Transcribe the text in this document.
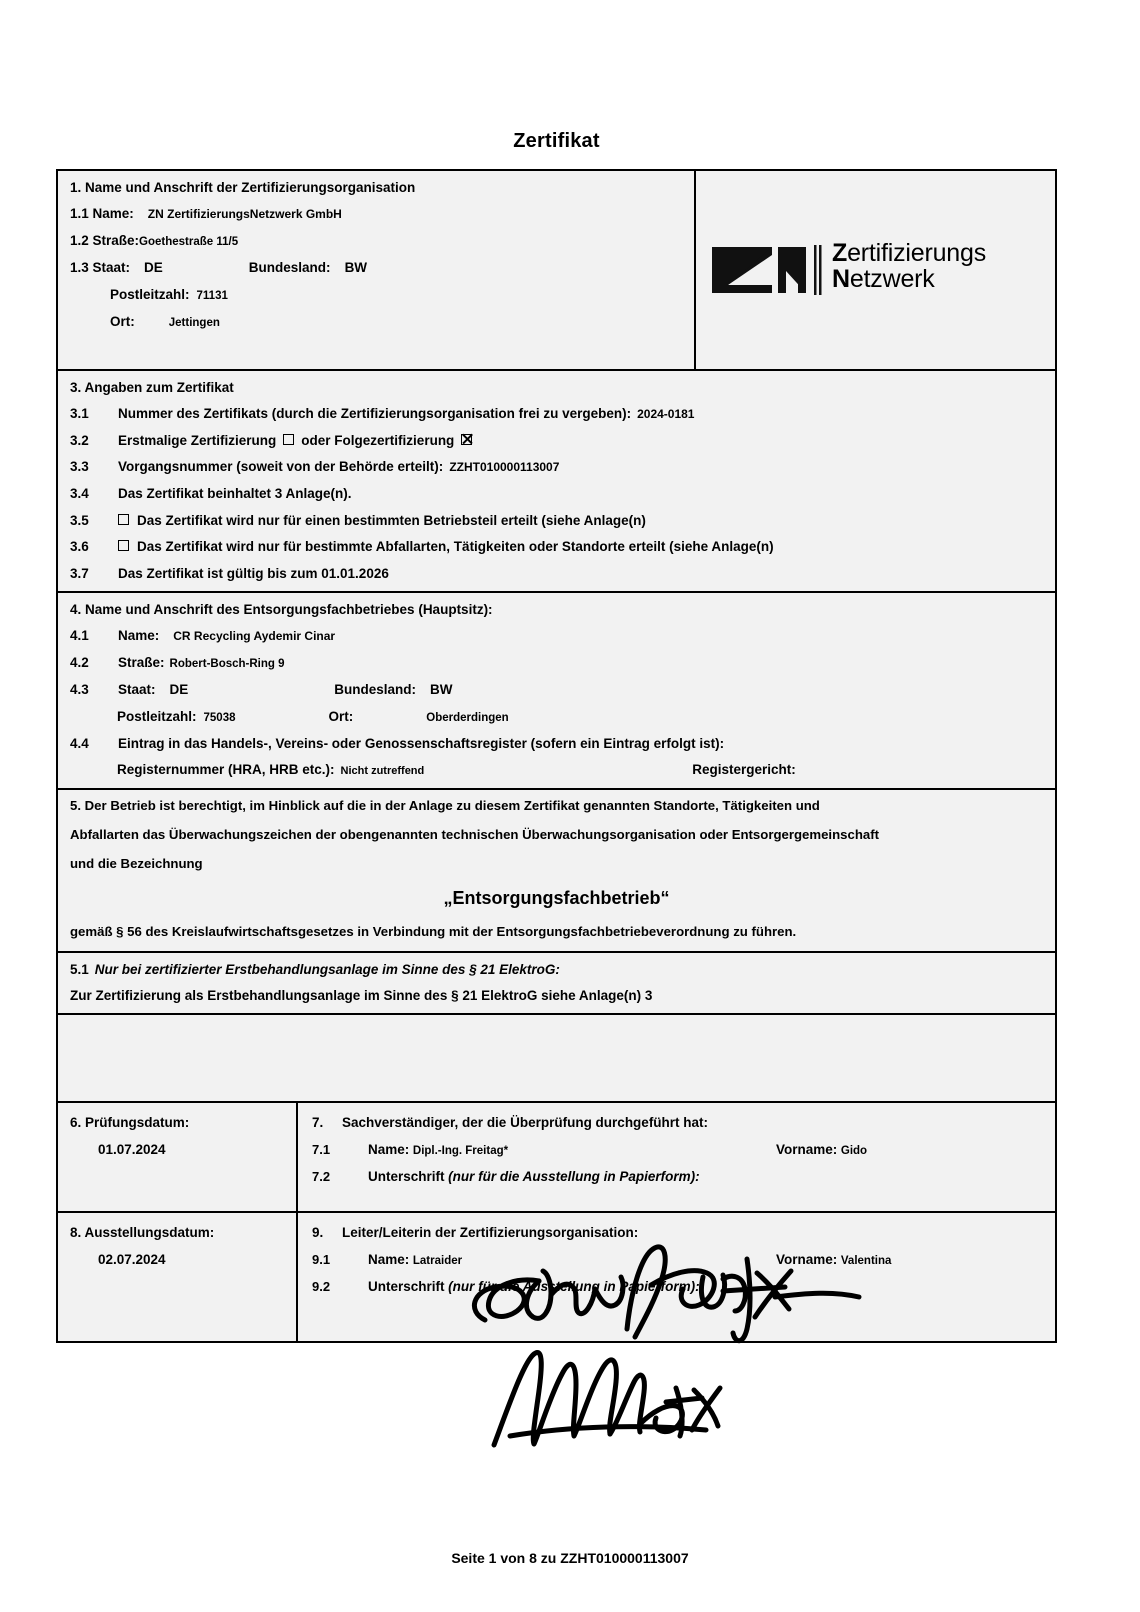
Zertifikat
1. Name und Anschrift der Zertifizierungsorganisation
1.1 Name: ZN ZertifizierungsNetzwerk GmbH
1.2 Straße: Goethestraße 11/5
1.3 Staat: DE	Bundesland: BW
Postleitzahl: 71131
Ort:	Jettingen
Zertifizierungs
Netzwerk
3. Angaben zum Zertifikat
3.1	Nummer des Zertifikats (durch die Zertifizierungsorganisation frei zu vergeben): 2024-0181
3.2	Erstmalige Zertifizierung oder Folgezertifizierung
3.3	Vorgangsnummer (soweit von der Behörde erteilt): ZZHT010000113007
3.4	Das Zertifikat beinhaltet 3 Anlage(n).
3.5	Das Zertifikat wird nur für einen bestimmten Betriebsteil erteilt (siehe Anlage(n)
3.6	Das Zertifikat wird nur für bestimmte Abfallarten, Tätigkeiten oder Standorte erteilt (siehe Anlage(n)
3.7	Das Zertifikat ist gültig bis zum 01.01.2026
4. Name und Anschrift des Entsorgungsfachbetriebes (Hauptsitz):
4.1	Name: CR Recycling Aydemir Cinar
4.2	Straße: Robert-Bosch-Ring 9
4.3	Staat: DE	Bundesland: BW
Postleitzahl: 75038	Ort:	Oberderdingen
4.4	Eintrag in das Handels-, Vereins- oder Genossenschaftsregister (sofern ein Eintrag erfolgt ist):
Registernummer (HRA, HRB etc.): Nicht zutreffend	Registergericht:
5. Der Betrieb ist berechtigt, im Hinblick auf die in der Anlage zu diesem Zertifikat genannten Standorte, Tätigkeiten und
Abfallarten das Überwachungszeichen der obengenannten technischen Überwachungsorganisation oder Entsorgergemeinschaft
und die Bezeichnung
„Entsorgungsfachbetrieb“
gemäß § 56 des Kreislaufwirtschaftsgesetzes in Verbindung mit der Entsorgungsfachbetriebeverordnung zu führen.
5.1 Nur bei zertifizierter Erstbehandlungsanlage im Sinne des § 21 ElektroG:
Zur Zertifizierung als Erstbehandlungsanlage im Sinne des § 21 ElektroG siehe Anlage(n) 3
6. Prüfungsdatum:
01.07.2024
7.	Sachverständiger, der die Überprüfung durchgeführt hat:
7.1	Name: Dipl.-Ing. Freitag*	Vorname: Gido
7.2	Unterschrift (nur für die Ausstellung in Papierform):
8. Ausstellungsdatum:
02.07.2024
9.	Leiter/Leiterin der Zertifizierungsorganisation:
9.1	Name: Latraider	Vorname: Valentina
9.2	Unterschrift (nur für die Ausstellung in Papierform):
Seite 1 von 8 zu ZZHT010000113007
